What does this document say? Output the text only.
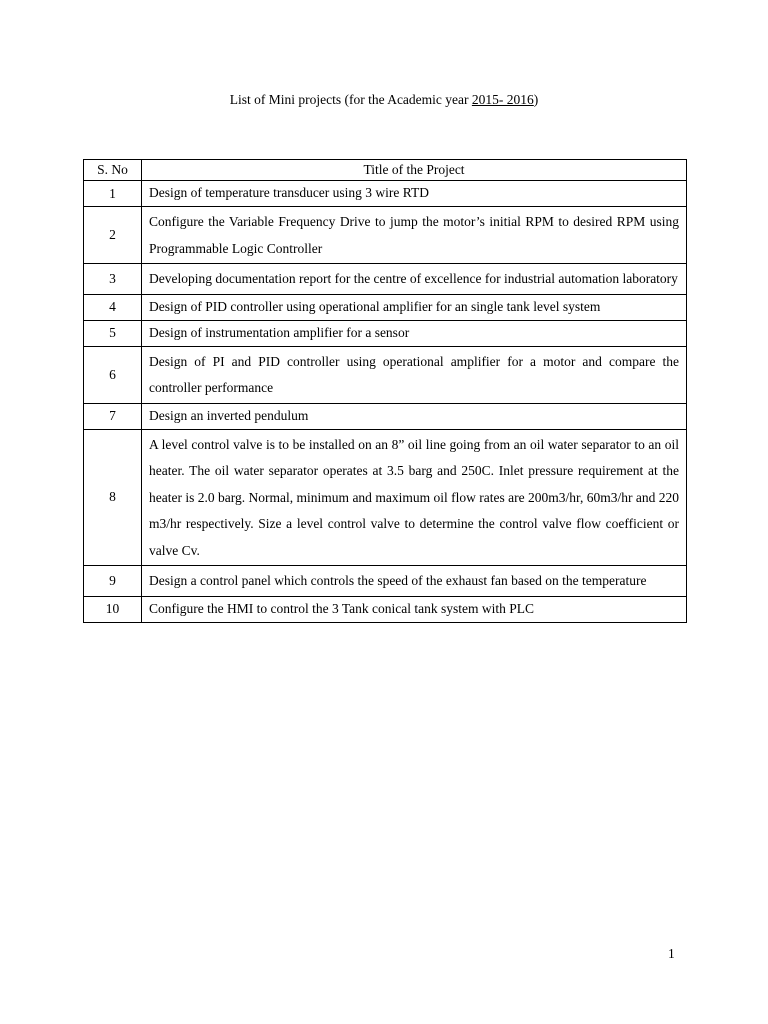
List of Mini projects (for the Academic year 2015- 2016)
S. No	Title of the Project
1	Design of temperature transducer using 3 wire RTD
2	Configure the Variable Frequency Drive to jump the motor’s initial RPM to desired RPM using Programmable Logic Controller
3	Developing documentation report for the centre of excellence for industrial automation laboratory
4	Design of PID controller using operational amplifier for an single tank level system
5	Design of instrumentation amplifier for a sensor
6	Design of PI and PID controller using operational amplifier for a motor and compare the controller performance
7	Design an inverted pendulum
8	A level control valve is to be installed on an 8” oil line going from an oil water separator to an oil heater. The oil water separator operates at 3.5 barg and 250C. Inlet pressure requirement at the heater is 2.0 barg. Normal, minimum and maximum oil flow rates are 200m3/hr, 60m3/hr and 220 m3/hr respectively. Size a level control valve to determine the control valve flow coefficient or valve Cv.
9	Design a control panel which controls the speed of the exhaust fan based on the temperature
10	Configure the HMI to control the 3 Tank conical tank system with PLC
1
